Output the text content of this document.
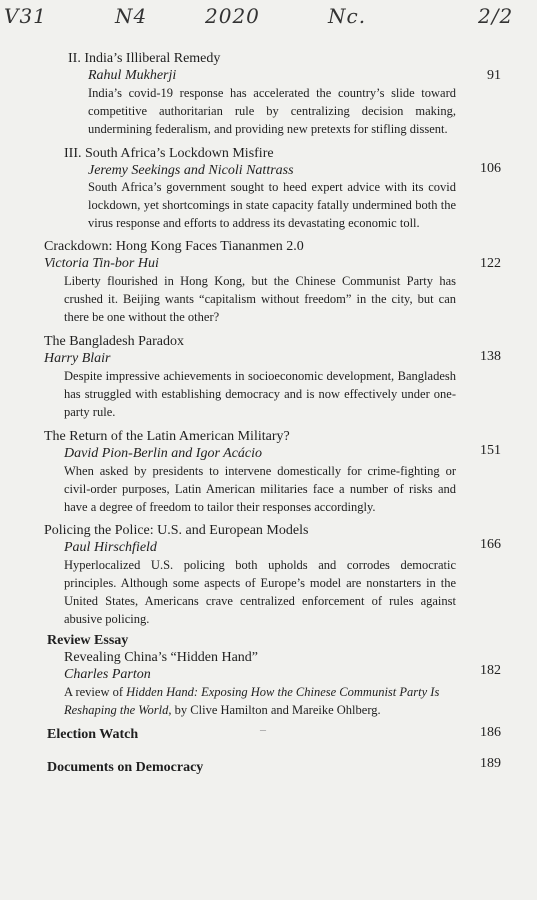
V31	N4	2020	Nc.	2/2
II. India’s Illiberal Remedy
Rahul Mukherji	91
India’s covid-19 response has accelerated the country’s slide toward competitive authoritarian rule by centralizing decision making, undermining federalism, and providing new pretexts for stifling dissent.
III. South Africa’s Lockdown Misfire
Jeremy Seekings and Nicoli Nattrass	106
South Africa’s government sought to heed expert advice with its covid lockdown, yet shortcomings in state capacity fatally undermined both the virus response and efforts to address its devastating economic toll.
Crackdown: Hong Kong Faces Tiananmen 2.0
Victoria Tin-bor Hui	122
Liberty flourished in Hong Kong, but the Chinese Communist Party has crushed it. Beijing wants “capitalism without freedom” in the city, but can there be one without the other?
The Bangladesh Paradox
Harry Blair	138
Despite impressive achievements in socioeconomic development, Bangladesh has struggled with establishing democracy and is now effectively under one-party rule.
The Return of the Latin American Military?
David Pion-Berlin and Igor Acácio	151
When asked by presidents to intervene domestically for crime-fighting or civil-order purposes, Latin American militaries face a number of risks and have a degree of freedom to tailor their responses accordingly.
Policing the Police: U.S. and European Models
Paul Hirschfield	166
Hyperlocalized U.S. policing both upholds and corrodes democratic principles. Although some aspects of Europe’s model are nonstarters in the United States, Americans crave centralized enforcement of rules against abusive policing.
Review Essay
Revealing China’s “Hidden Hand”
Charles Parton	182
A review of Hidden Hand: Exposing How the Chinese Communist Party Is Reshaping the World, by Clive Hamilton and Mareike Ohlberg.
–
Election Watch	186
Documents on Democracy	189
